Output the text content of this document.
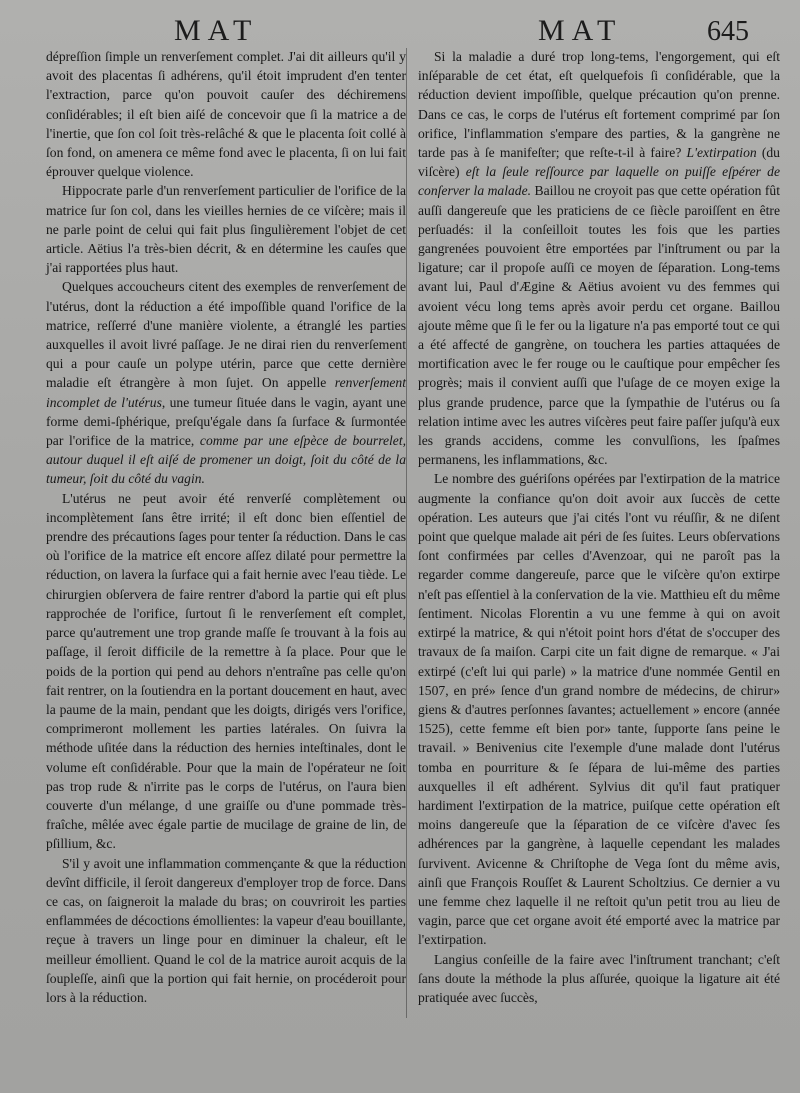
MAT	MAT	645

dépreſſion ſimple un renverſement complet. J'ai dit ailleurs qu'il y avoit des placentas ſi adhérens, qu'il étoit imprudent d'en tenter l'extraction, parce qu'on pouvoit cauſer des déchiremens conſidérables; il eſt bien aiſé de concevoir que ſi la matrice a de l'inertie, que ſon col ſoit très-relâché & que le placenta ſoit collé à ſon fond, on amenera ce même fond avec le placenta, ſi on lui fait éprouver quelque violence.

Hippocrate parle d'un renverſement particulier de l'orifice de la matrice ſur ſon col, dans les vieilles hernies de ce viſcère; mais il ne parle point de celui qui fait plus ſingulièrement l'objet de cet article. Aëtius l'a très-bien décrit, & en détermine les cauſes que j'ai rapportées plus haut.

Quelques accoucheurs citent des exemples de renverſement de l'utérus, dont la réduction a été impoſſible quand l'orifice de la matrice, reſſerré d'une manière violente, a étranglé les parties auxquelles il avoit livré paſſage. Je ne dirai rien du renverſement qui a pour cauſe un polype utérin, parce que cette dernière maladie eſt étrangère à mon ſujet. On appelle renverſement incomplet de l'utérus, une tumeur ſituée dans le vagin, ayant une forme demi-ſphérique, preſqu'égale dans ſa ſurface & ſurmontée par l'orifice de la matrice, comme par une eſpèce de bourrelet, autour duquel il eſt aiſé de promener un doigt, ſoit du côté de la tumeur, ſoit du côté du vagin.

L'utérus ne peut avoir été renverſé complètement ou incomplètement ſans être irrité; il eſt donc bien eſſentiel de prendre des précautions ſages pour tenter ſa réduction. Dans le cas où l'orifice de la matrice eſt encore aſſez dilaté pour permettre la réduction, on lavera la ſurface qui a fait hernie avec l'eau tiède. Le chirurgien obſervera de faire rentrer d'abord la partie qui eſt plus rapprochée de l'orifice, ſurtout ſi le renverſement eſt complet, parce qu'autrement une trop grande maſſe ſe trouvant à la fois au paſſage, il ſeroit difficile de la remettre à ſa place. Pour que le poids de la portion qui pend au dehors n'entraîne pas celle qu'on fait rentrer, on la ſoutiendra en la portant doucement en haut, avec la paume de la main, pendant que les doigts, dirigés vers l'orifice, comprimeront mollement les parties latérales. On ſuivra la méthode uſitée dans la réduction des hernies inteſtinales, dont le volume eſt conſidérable. Pour que la main de l'opérateur ne ſoit pas trop rude & n'irrite pas le corps de l'utérus, on l'aura bien couverte d'un mélange, d une graiſſe ou d'une pommade très-fraîche, mêlée avec égale partie de mucilage de graine de lin, de pſillium, &c.

S'il y avoit une inflammation commençante & que la réduction devînt difficile, il ſeroit dangereux d'employer trop de force. Dans ce cas, on ſaigneroit la malade du bras; on couvriroit les parties enflammées de décoctions émollientes: la vapeur d'eau bouillante, reçue à travers un linge pour en diminuer la chaleur, eſt le meilleur émollient. Quand le col de la matrice auroit acquis de la ſoupleſſe, ainſi que la portion qui fait hernie, on procéderoit pour lors à la réduction.

Si la maladie a duré trop long-tems, l'engorgement, qui eſt inſéparable de cet état, eſt quelquefois ſi conſidérable, que la réduction devient impoſſible, quelque précaution qu'on prenne. Dans ce cas, le corps de l'utérus eſt fortement comprimé par ſon orifice, l'inflammation s'empare des parties, & la gangrène ne tarde pas à ſe manifeſter; que reſte-t-il à faire? L'extirpation (du viſcère) eſt la ſeule reſſource par laquelle on puiſſe eſpérer de conſerver la malade. Baillou ne croyoit pas que cette opération fût auſſi dangereuſe que les praticiens de ce ſiècle paroiſſent en être perſuadés: il la conſeilloit toutes les fois que les parties gangrenées pouvoient être emportées par l'inſtrument ou par la ligature; car il propoſe auſſi ce moyen de ſéparation. Long-tems avant lui, Paul d'Ægine & Aëtius avoient vu des femmes qui avoient vécu long tems après avoir perdu cet organe. Baillou ajoute même que ſi le fer ou la ligature n'a pas emporté tout ce qui a été affecté de gangrène, on touchera les parties attaquées de mortification avec le fer rouge ou le cauſtique pour empêcher ſes progrès; mais il convient auſſi que l'uſage de ce moyen exige la plus grande prudence, parce que la ſympathie de l'utérus ou ſa relation intime avec les autres viſcères peut faire paſſer juſqu'à eux les grands accidens, comme les convulſions, les ſpaſmes permanens, les inflammations, &c.

Le nombre des guériſons opérées par l'extirpation de la matrice augmente la confiance qu'on doit avoir aux ſuccès de cette opération. Les auteurs que j'ai cités l'ont vu réuſſir, & ne diſent point que quelque malade ait péri de ſes ſuites. Leurs obſervations ſont confirmées par celles d'Avenzoar, qui ne paroît pas la regarder comme dangereuſe, parce que le viſcère qu'on extirpe n'eſt pas eſſentiel à la conſervation de la vie. Matthieu eſt du même ſentiment. Nicolas Florentin a vu une femme à qui on avoit extirpé la matrice, & qui n'étoit point hors d'état de s'occuper des travaux de ſa maiſon. Carpi cite un fait digne de remarque. « J'ai extirpé (c'eſt lui qui parle) » la matrice d'une nommée Gentil en 1507, en pré» ſence d'un grand nombre de médecins, de chirur» giens & d'autres perſonnes ſavantes; actuellement » encore (année 1525), cette femme eſt bien por» tante, ſupporte ſans peine le travail. » Benivenius cite l'exemple d'une malade dont l'utérus tomba en pourriture & ſe ſépara de lui-même des parties auxquelles il eſt adhérent. Sylvius dit qu'il faut pratiquer hardiment l'extirpation de la matrice, puiſque cette opération eſt moins dangereuſe que la ſéparation de ce viſcère d'avec ſes adhérences par la gangrène, à laquelle cependant les malades ſurvivent. Avicenne & Chriſtophe de Vega ſont du même avis, ainſi que François Rouſſet & Laurent Scholtzius. Ce dernier a vu une femme chez laquelle il ne reſtoit qu'un petit trou au lieu de vagin, parce que cet organe avoit été emporté avec la matrice par l'extirpation.

Langius conſeille de la faire avec l'inſtrument tranchant; c'eſt ſans doute la méthode la plus aſſurée, quoique la ligature ait été pratiquée avec ſuccès,
